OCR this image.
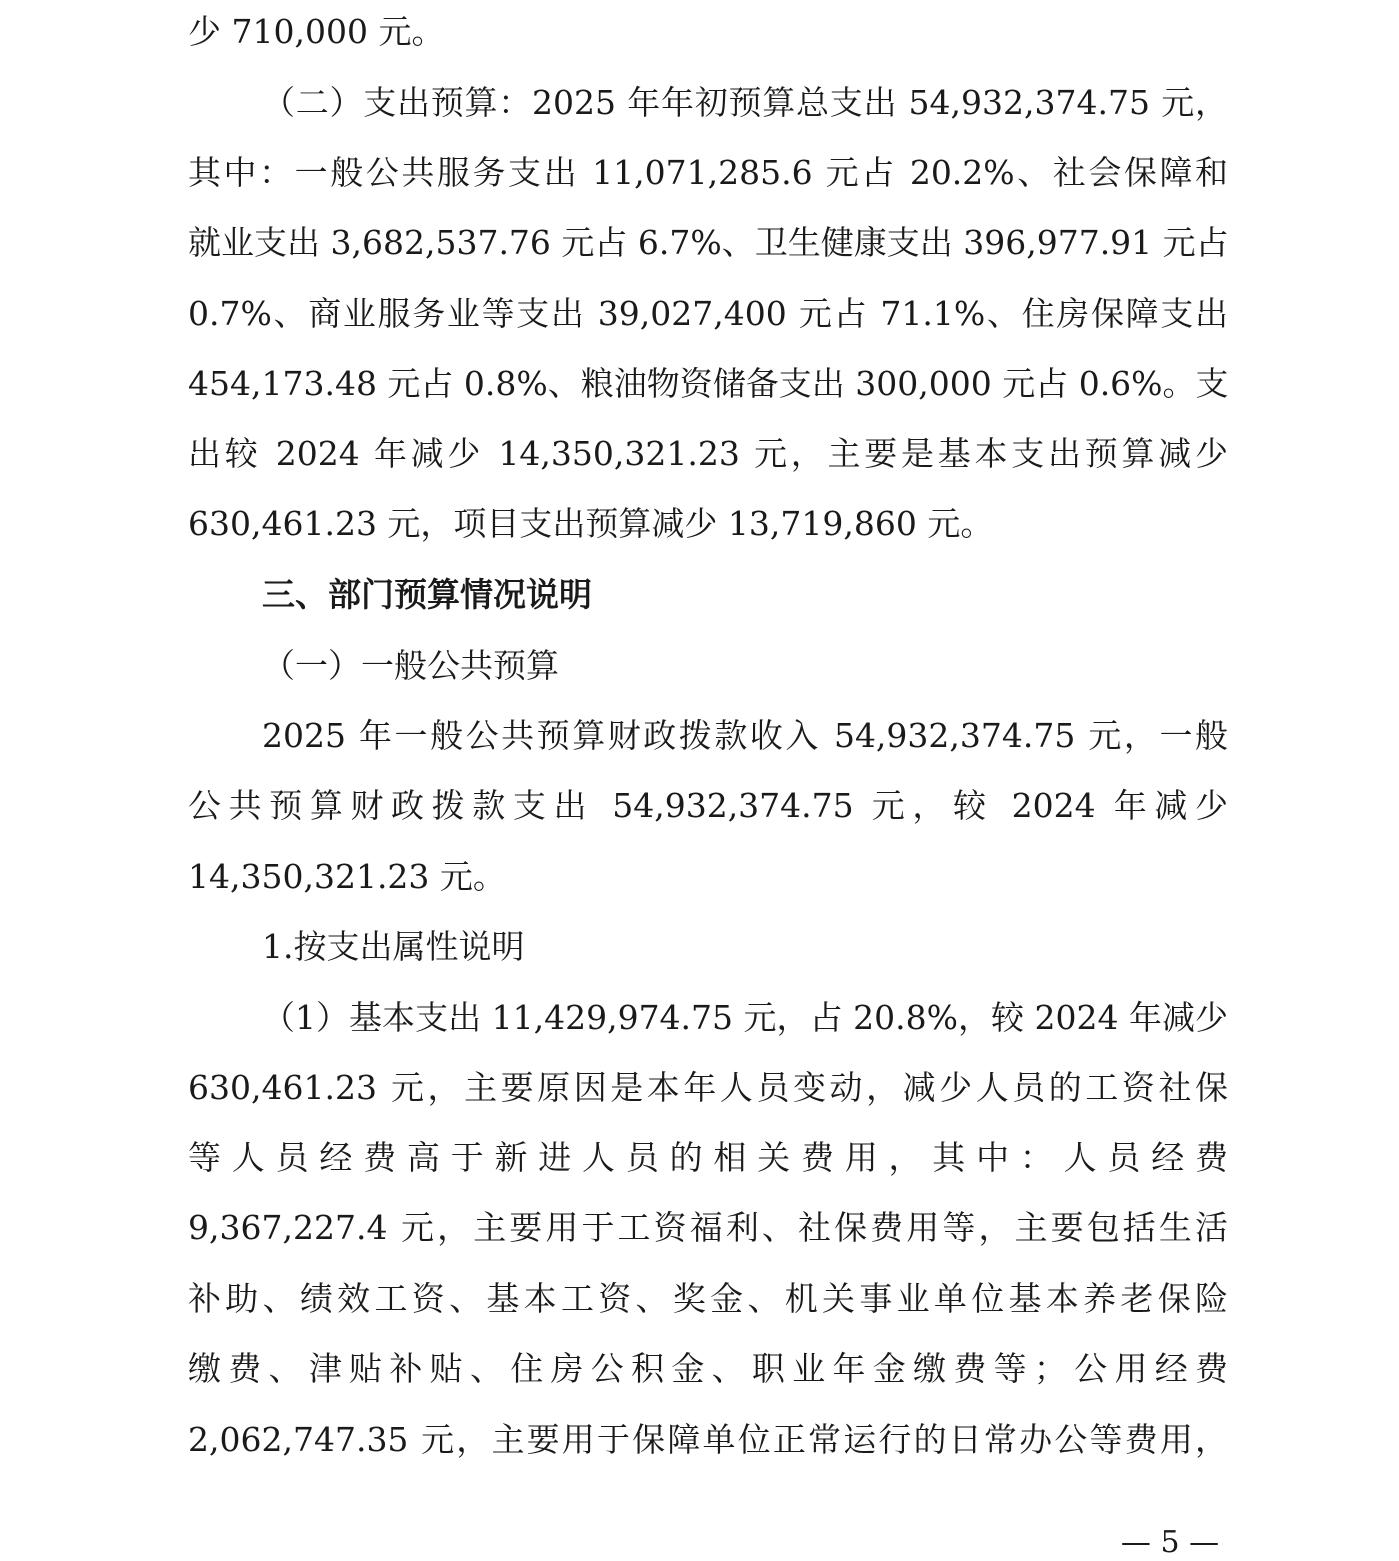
少 710,000 元。
（二）支出预算：2025 年年初预算总支出 54,932,374.75 元，
其中：一般公共服务支出 11,071,285.6 元占 20.2%、社会保障和
就业支出 3,682,537.76 元占 6.7%、卫生健康支出 396,977.91 元占
0.7%、商业服务业等支出 39,027,400 元占 71.1%、住房保障支出
454,173.48 元占 0.8%、粮油物资储备支出 300,000 元占 0.6%。支
出较 2024 年减少 14,350,321.23 元，主要是基本支出预算减少
630,461.23 元，项目支出预算减少 13,719,860 元。
三、部门预算情况说明
（一）一般公共预算
2025 年一般公共预算财政拨款收入 54,932,374.75 元，一般
公共预算财政拨款支出 54,932,374.75 元，较 2024 年减少
14,350,321.23 元。
1.按支出属性说明
（1）基本支出 11,429,974.75 元，占 20.8%，较 2024 年减少
630,461.23 元，主要原因是本年人员变动，减少人员的工资社保
等人员经费高于新进人员的相关费用，其中：人员经费
9,367,227.4 元，主要用于工资福利、社保费用等，主要包括生活
补助、绩效工资、基本工资、奖金、机关事业单位基本养老保险
缴费、津贴补贴、住房公积金、职业年金缴费等；公用经费
2,062,747.35 元，主要用于保障单位正常运行的日常办公等费用，
— 5 —
